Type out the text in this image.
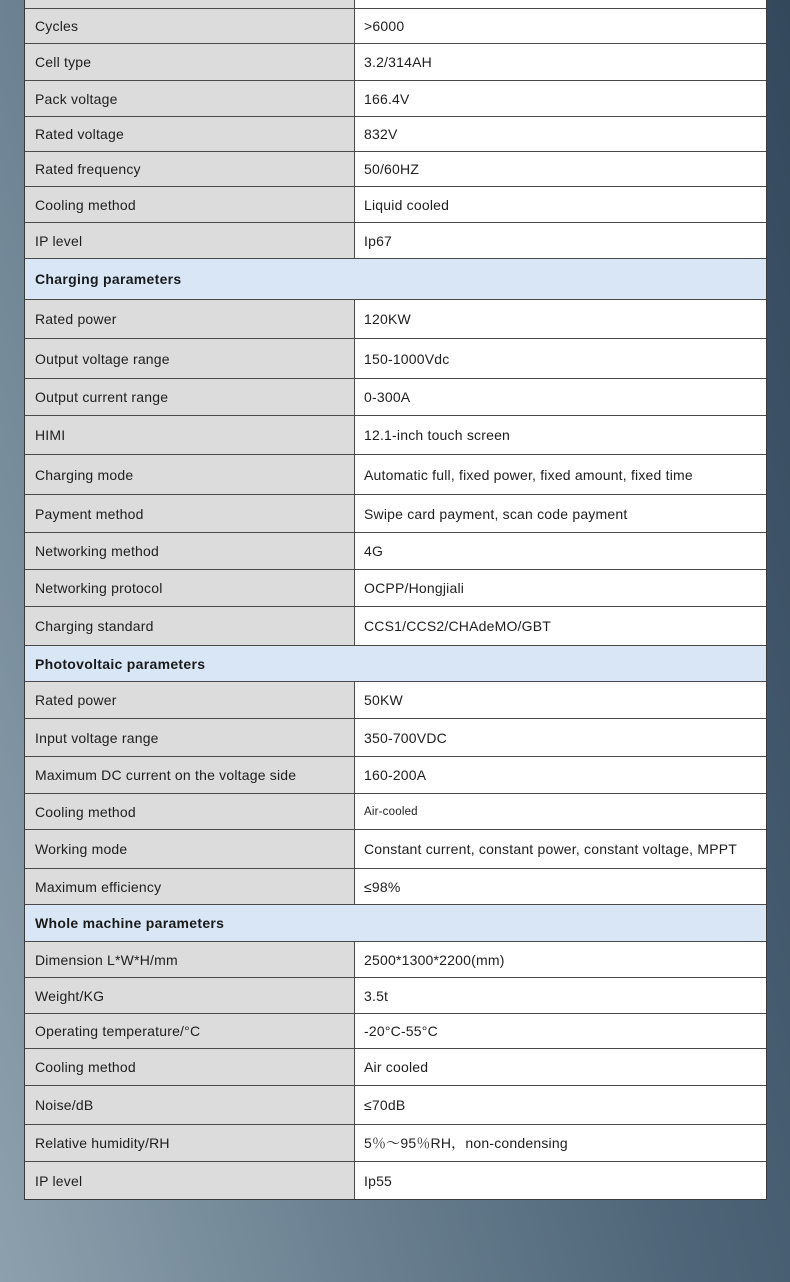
Cycles	>6000
Cell type	3.2/314AH
Pack voltage	166.4V
Rated voltage	832V
Rated frequency	50/60HZ
Cooling method	Liquid cooled
IP level	Ip67
Charging parameters
Rated power	120KW
Output voltage range	150-1000Vdc
Output current range	0-300A
HIMI	12.1-inch touch screen
Charging mode	Automatic full, fixed power, fixed amount, fixed time
Payment method	Swipe card payment, scan code payment
Networking method	4G
Networking protocol	OCPP/Hongjiali
Charging standard	CCS1/CCS2/CHAdeMO/GBT
Photovoltaic parameters
Rated power	50KW
Input voltage range	350-700VDC
Maximum DC current on the voltage side	160-200A
Cooling method	Air-cooled
Working mode	Constant current, constant power, constant voltage, MPPT
Maximum efficiency	≤98%
Whole machine parameters
Dimension L*W*H/mm	2500*1300*2200(mm)
Weight/KG	3.5t
Operating temperature/°C	-20°C-55°C
Cooling method	Air cooled
Noise/dB	≤70dB
Relative humidity/RH	5％～95％RH，non-condensing
IP level	Ip55
